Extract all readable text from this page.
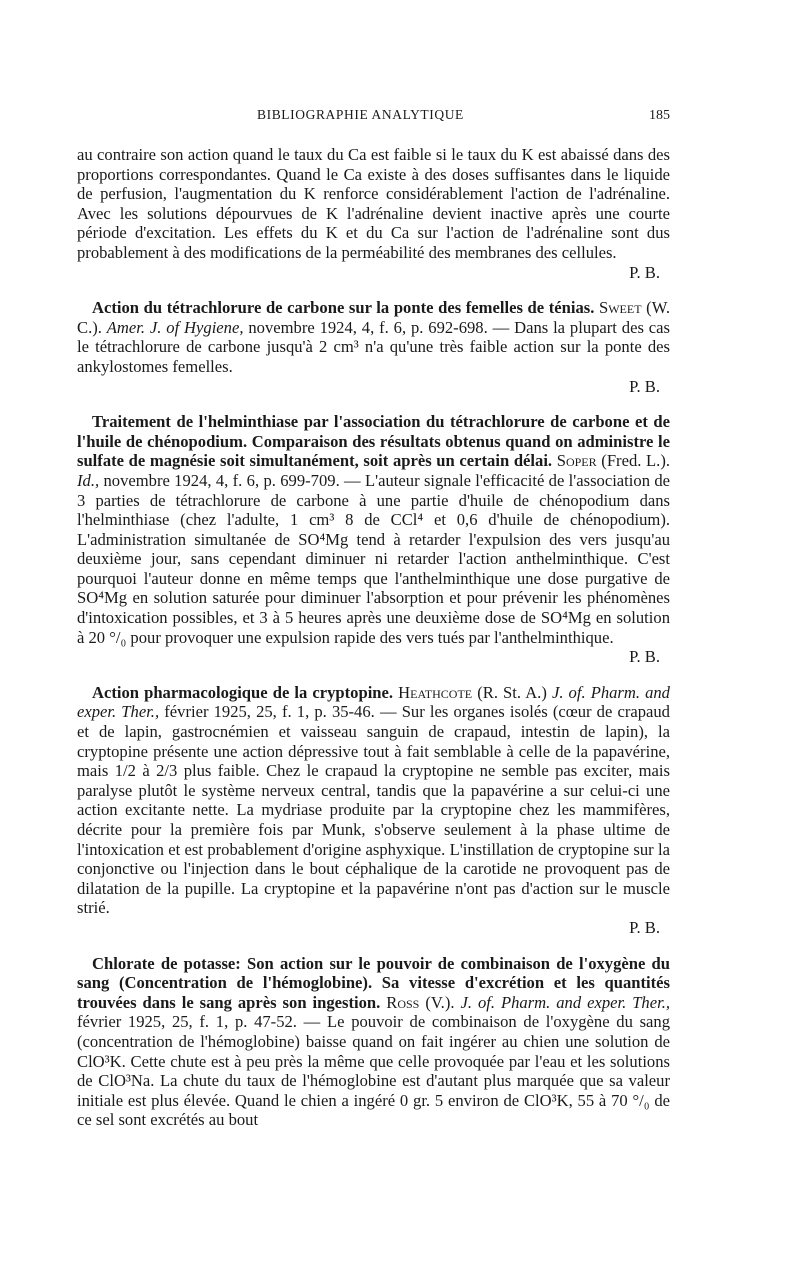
BIBLIOGRAPHIE ANALYTIQUE	185

au contraire son action quand le taux du Ca est faible si le taux du K est abaissé dans des proportions correspondantes. Quand le Ca existe à des doses suffisantes dans le liquide de perfusion, l'augmentation du K renforce considérablement l'action de l'adrénaline. Avec les solutions dépourvues de K l'adrénaline devient inactive après une courte période d'excitation. Les effets du K et du Ca sur l'action de l'adrénaline sont dus probablement à des modifications de la perméabilité des membranes des cellules.

P. B.

Action du tétrachlorure de carbone sur la ponte des femelles de ténias. Sweet (W. C.). Amer. J. of Hygiene, novembre 1924, 4, f. 6, p. 692-698. — Dans la plupart des cas le tétrachlorure de carbone jusqu'à 2 cm³ n'a qu'une très faible action sur la ponte des ankylostomes femelles.

P. B.

Traitement de l'helminthiase par l'association du tétrachlorure de carbone et de l'huile de chénopodium. Comparaison des résultats obtenus quand on administre le sulfate de magnésie soit simultanément, soit après un certain délai. Soper (Fred. L.). Id., novembre 1924, 4, f. 6, p. 699-709. — L'auteur signale l'efficacité de l'association de 3 parties de tétrachlorure de carbone à une partie d'huile de chénopodium dans l'helminthiase (chez l'adulte, 1 cm³ 8 de CCl⁴ et 0,6 d'huile de chénopodium). L'administration simultanée de SO⁴Mg tend à retarder l'expulsion des vers jusqu'au deuxième jour, sans cependant diminuer ni retarder l'action anthelminthique. C'est pourquoi l'auteur donne en même temps que l'anthelminthique une dose purgative de SO⁴Mg en solution saturée pour diminuer l'absorption et pour prévenir les phénomènes d'intoxication possibles, et 3 à 5 heures après une deuxième dose de SO⁴Mg en solution à 20 °/₀ pour provoquer une expulsion rapide des vers tués par l'anthelminthique.

P. B.

Action pharmacologique de la cryptopine. Heathcote (R. St. A.) J. of. Pharm. and exper. Ther., février 1925, 25, f. 1, p. 35-46. — Sur les organes isolés (cœur de crapaud et de lapin, gastrocnémien et vaisseau sanguin de crapaud, intestin de lapin), la cryptopine présente une action dépressive tout à fait semblable à celle de la papavérine, mais 1/2 à 2/3 plus faible. Chez le crapaud la cryptopine ne semble pas exciter, mais paralyse plutôt le système nerveux central, tandis que la papavérine a sur celui-ci une action excitante nette. La mydriase produite par la cryptopine chez les mammifères, décrite pour la première fois par Munk, s'observe seulement à la phase ultime de l'intoxication et est probablement d'origine asphyxique. L'instillation de cryptopine sur la conjonctive ou l'injection dans le bout céphalique de la carotide ne provoquent pas de dilatation de la pupille. La cryptopine et la papavérine n'ont pas d'action sur le muscle strié.

P. B.

Chlorate de potasse: Son action sur le pouvoir de combinaison de l'oxygène du sang (Concentration de l'hémoglobine). Sa vitesse d'excrétion et les quantités trouvées dans le sang après son ingestion. Ross (V.). J. of. Pharm. and exper. Ther., février 1925, 25, f. 1, p. 47-52. — Le pouvoir de combinaison de l'oxygène du sang (concentration de l'hémoglobine) baisse quand on fait ingérer au chien une solution de ClO³K. Cette chute est à peu près la même que celle provoquée par l'eau et les solutions de ClO³Na. La chute du taux de l'hémoglobine est d'autant plus marquée que sa valeur initiale est plus élevée. Quand le chien a ingéré 0 gr. 5 environ de ClO³K, 55 à 70 °/₀ de ce sel sont excrétés au bout
